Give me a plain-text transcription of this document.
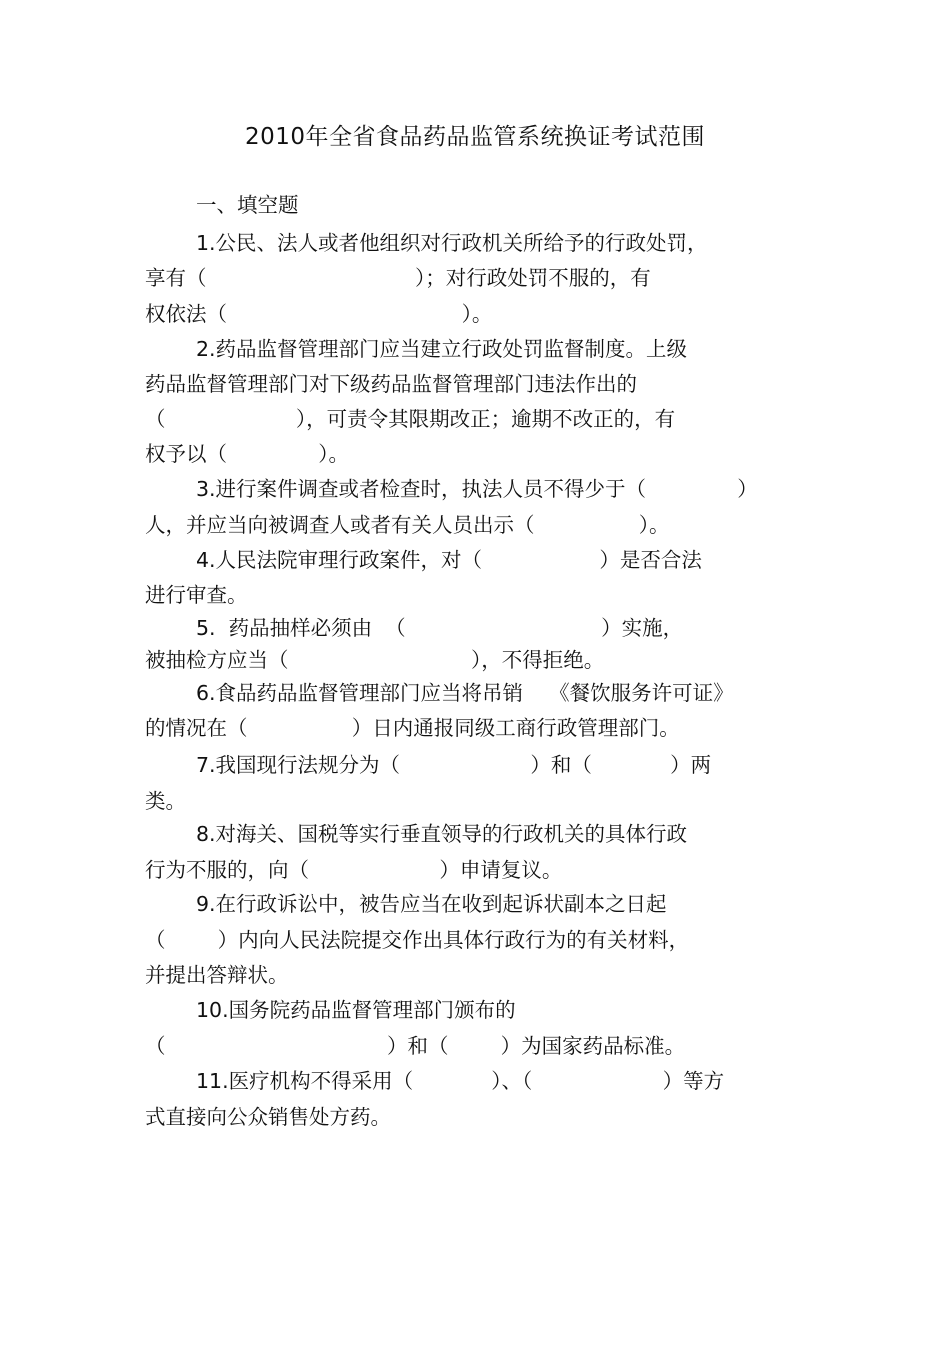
2010年全省食品药品监管系统换证考试范围
一、填空题
1.公民、法人或者他组织对行政机关所给予的行政处罚，
享有（                                ）；对行政处罚不服的，有
权依法（                                    ）。
2.药品监督管理部门应当建立行政处罚监督制度。上级
药品监督管理部门对下级药品监督管理部门违法作出的
（                    ），可责令其限期改正；逾期不改正的，有
权予以（              ）。
3.进行案件调查或者检查时，执法人员不得少于（              ）
人，并应当向被调查人或者有关人员出示（                ）。
4.人民法院审理行政案件，对（                  ）是否合法
进行审查。
5.  药品抽样必须由  （                              ）实施，
被抽检方应当（                            ），不得拒绝。
6.食品药品监督管理部门应当将吊销    《餐饮服务许可证》
的情况在（                ）日内通报同级工商行政管理部门。
7.我国现行法规分为（                    ）和（            ）两
类。
8.对海关、国税等实行垂直领导的行政机关的具体行政
行为不服的，向（                    ）申请复议。
9.在行政诉讼中，被告应当在收到起诉状副本之日起
（        ）内向人民法院提交作出具体行政行为的有关材料，
并提出答辩状。
10.国务院药品监督管理部门颁布的
（                                  ）和（        ）为国家药品标准。
11.医疗机构不得采用（            ）、（                    ）等方
式直接向公众销售处方药。
